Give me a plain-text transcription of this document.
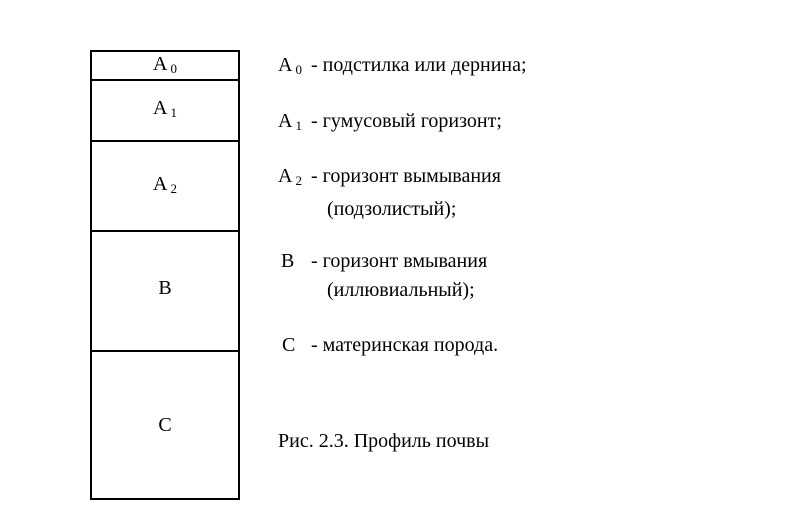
A $_0$
A $_1$
A $_2$
B
C
A $_0$ - подстилка или дернина;
A $_1$ - гумусовый горизонт;
A $_2$ - горизонт вымывания
(подзолистый);
B - горизонт вмывания
(иллювиальный);
C - материнская порода.
Рис. 2.3. Профиль почвы
